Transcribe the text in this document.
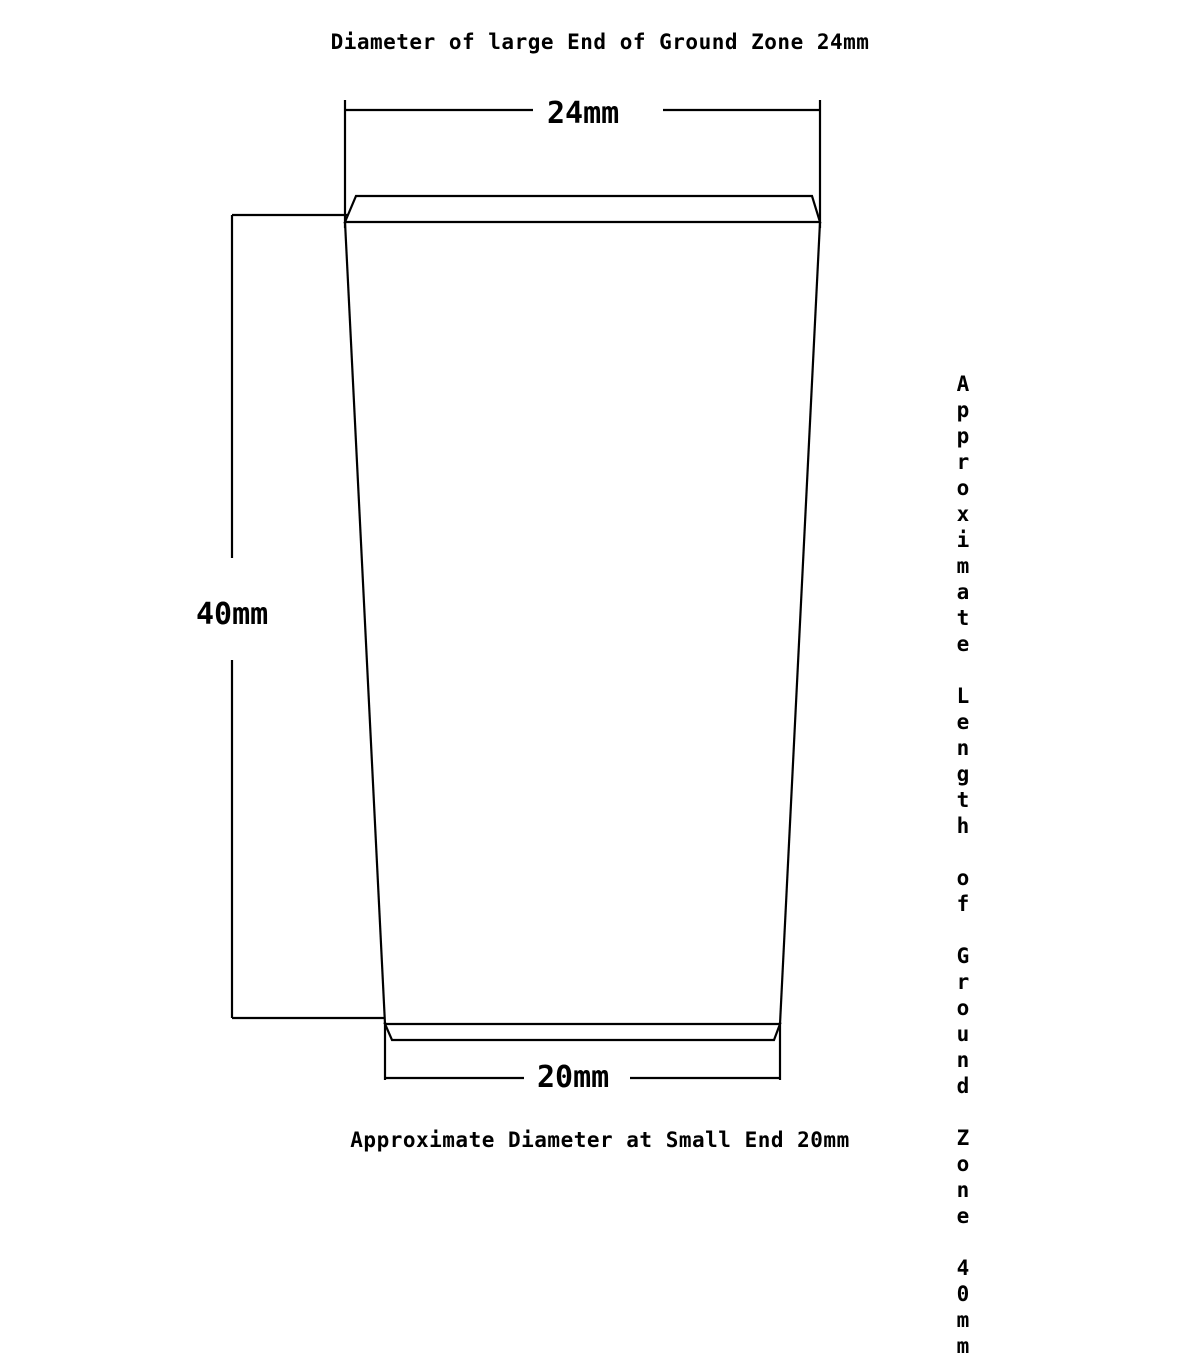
Diameter of large End of Ground Zone 24mm
Approximate Length of Ground Zone 40mm
Approximate Diameter at Small End 20mm
24mm
40mm
20mm
